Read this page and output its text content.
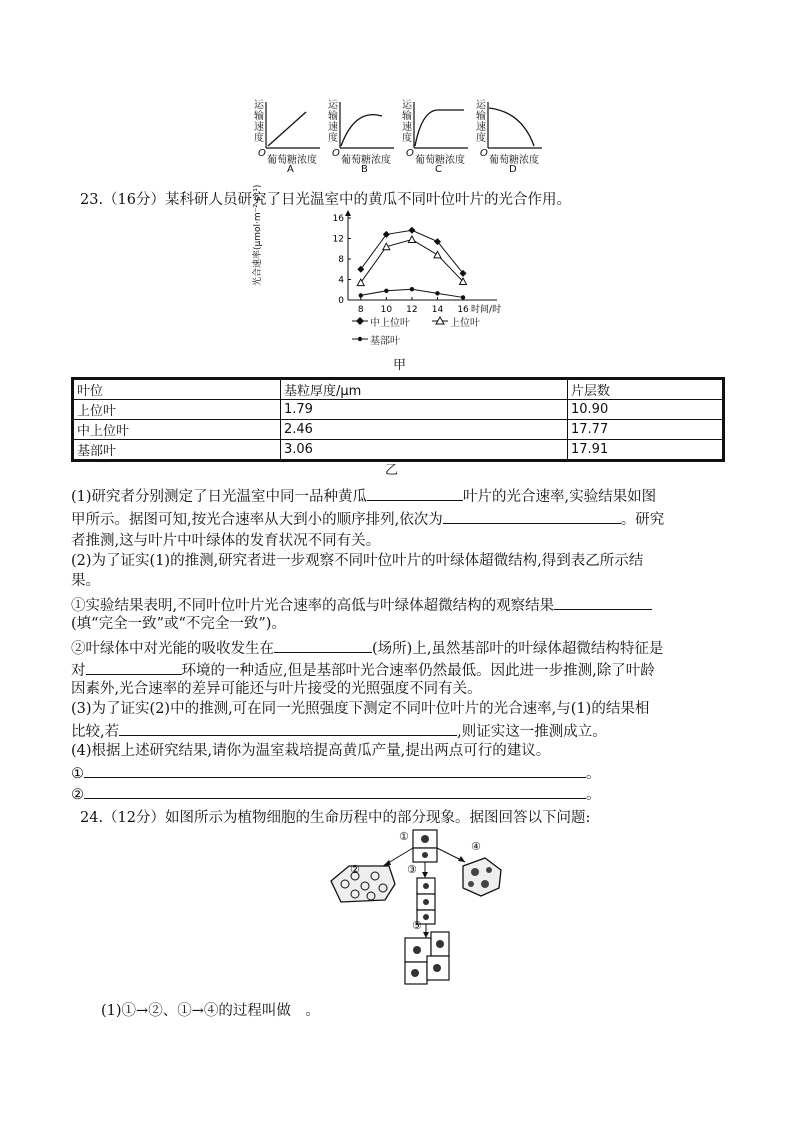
运输速度
运输速度
运输速度
运输速度
O	O	O	O
葡萄糖浓度 葡萄糖浓度 葡萄糖浓度 葡萄糖浓度
A	B	C	D
23.（16分）某科研人员研究了日光温室中的黄瓜不同叶位叶片的光合作用。
光合速率(μmol·m⁻²·s⁻¹)
0
4
8
12
16
8 10 12 14 16 时间/时
中上位叶	上位叶
基部叶
甲
叶位	基粒厚度/μm	片层数
上位叶	1.79	10.90
中上位叶	2.46	17.77
基部叶	3.06	17.91
乙
(1)研究者分别测定了日光温室中同一品种黄瓜	叶片的光合速率,实验结果如图
甲所示。据图可知,按光合速率从大到小的顺序排列,依次为	。研究
者推测,这与叶片中叶绿体的发育状况不同有关。
(2)为了证实(1)的推测,研究者进一步观察不同叶位叶片的叶绿体超微结构,得到表乙所示结
果。
①实验结果表明,不同叶位叶片光合速率的高低与叶绿体超微结构的观察结果
(填“完全一致”或“不完全一致”)。
②叶绿体中对光能的吸收发生在	(场所)上,虽然基部叶的叶绿体超微结构特征是
对	环境的一种适应,但是基部叶光合速率仍然最低。因此进一步推测,除了叶龄
因素外,光合速率的差异可能还与叶片接受的光照强度不同有关。
(3)为了证实(2)中的推测,可在同一光照强度下测定不同叶位叶片的光合速率,与(1)的结果相
比较,若	,则证实这一推测成立。
(4)根据上述研究结果,请你为温室栽培提高黄瓜产量,提出两点可行的建议。
①	。
②	。
24.（12分）如图所示为植物细胞的生命历程中的部分现象。据图回答以下问题:
①
②	③
④
⑤
(1)①→②、①→④的过程叫做　。
